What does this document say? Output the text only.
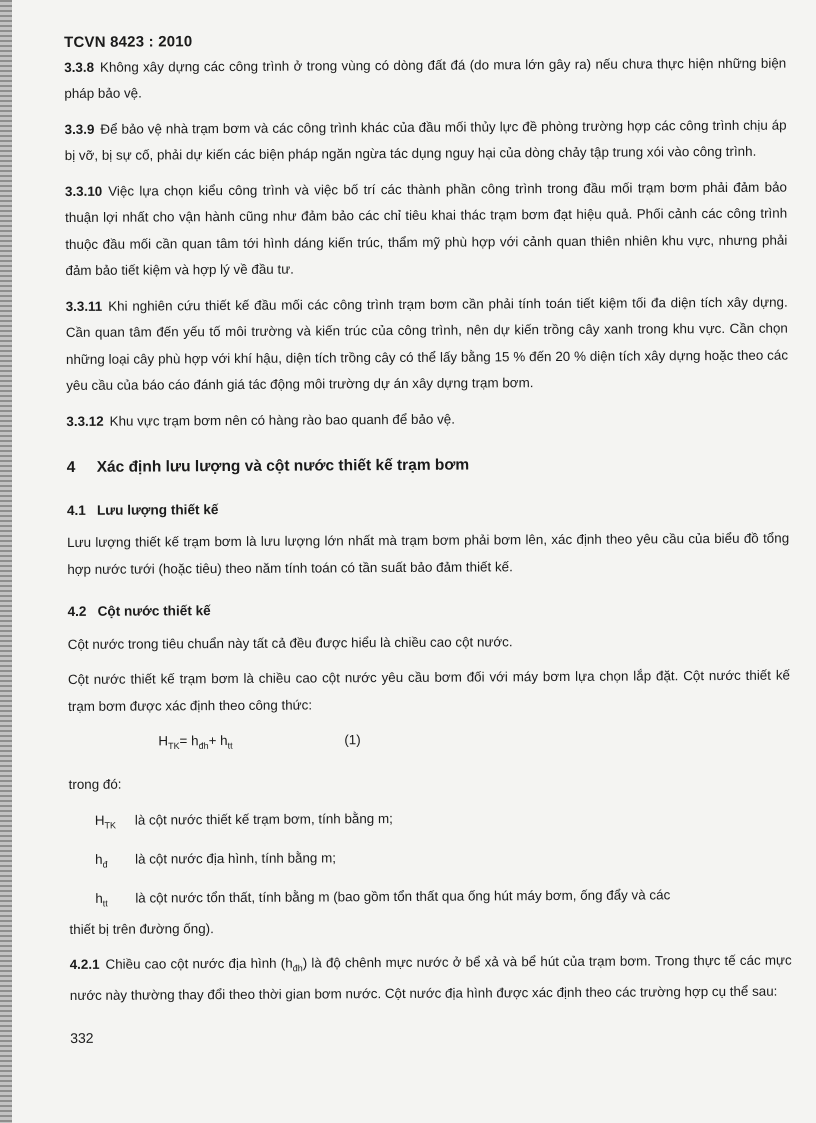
TCVN 8423 : 2010

3.3.8 Không xây dựng các công trình ở trong vùng có dòng đất đá (do mưa lớn gây ra) nếu chưa thực hiện những biện pháp bảo vệ.

3.3.9 Để bảo vệ nhà trạm bơm và các công trình khác của đầu mối thủy lực đề phòng trường hợp các công trình chịu áp bị vỡ, bị sự cố, phải dự kiến các biện pháp ngăn ngừa tác dụng nguy hại của dòng chảy tập trung xói vào công trình.

3.3.10 Việc lựa chọn kiểu công trình và việc bố trí các thành phần công trình trong đầu mối trạm bơm phải đảm bảo thuận lợi nhất cho vận hành cũng như đảm bảo các chỉ tiêu khai thác trạm bơm đạt hiệu quả. Phối cảnh các công trình thuộc đầu mối cần quan tâm tới hình dáng kiến trúc, thẩm mỹ phù hợp với cảnh quan thiên nhiên khu vực, nhưng phải đảm bảo tiết kiệm và hợp lý về đầu tư.

3.3.11 Khi nghiên cứu thiết kế đầu mối các công trình trạm bơm cần phải tính toán tiết kiệm tối đa diện tích xây dựng. Cần quan tâm đến yếu tố môi trường và kiến trúc của công trình, nên dự kiến trồng cây xanh trong khu vực. Cần chọn những loại cây phù hợp với khí hậu, diện tích trồng cây có thể lấy bằng 15 % đến 20 % diện tích xây dựng hoặc theo các yêu cầu của báo cáo đánh giá tác động môi trường dự án xây dựng trạm bơm.

3.3.12 Khu vực trạm bơm nên có hàng rào bao quanh để bảo vệ.

4 Xác định lưu lượng và cột nước thiết kế trạm bơm
4.1 Lưu lượng thiết kế

Lưu lượng thiết kế trạm bơm là lưu lượng lớn nhất mà trạm bơm phải bơm lên, xác định theo yêu cầu của biểu đồ tổng hợp nước tưới (hoặc tiêu) theo năm tính toán có tần suất bảo đảm thiết kế.

4.2 Cột nước thiết kế

Cột nước trong tiêu chuẩn này tất cả đều được hiểu là chiều cao cột nước.

Cột nước thiết kế trạm bơm là chiều cao cột nước yêu cầu bơm đối với máy bơm lựa chọn lắp đặt. Cột nước thiết kế trạm bơm được xác định theo công thức:

$H_{TK}= h_{đh}+ h_{tt}$	(1)

trong đó:

$H_{TK}$ là cột nước thiết kế trạm bơm, tính bằng m;
$h_đ$ là cột nước địa hình, tính bằng m;
$h_{tt}$ là cột nước tổn thất, tính bằng m (bao gồm tổn thất qua ống hút máy bơm, ống đẩy và các
thiết bị trên đường ống).

4.2.1 Chiều cao cột nước địa hình $(h_{đh})$ là độ chênh mực nước ở bể xả và bể hút của trạm bơm. Trong thực tế các mực nước này thường thay đổi theo thời gian bơm nước. Cột nước địa hình được xác định theo các trường hợp cụ thể sau:

332
